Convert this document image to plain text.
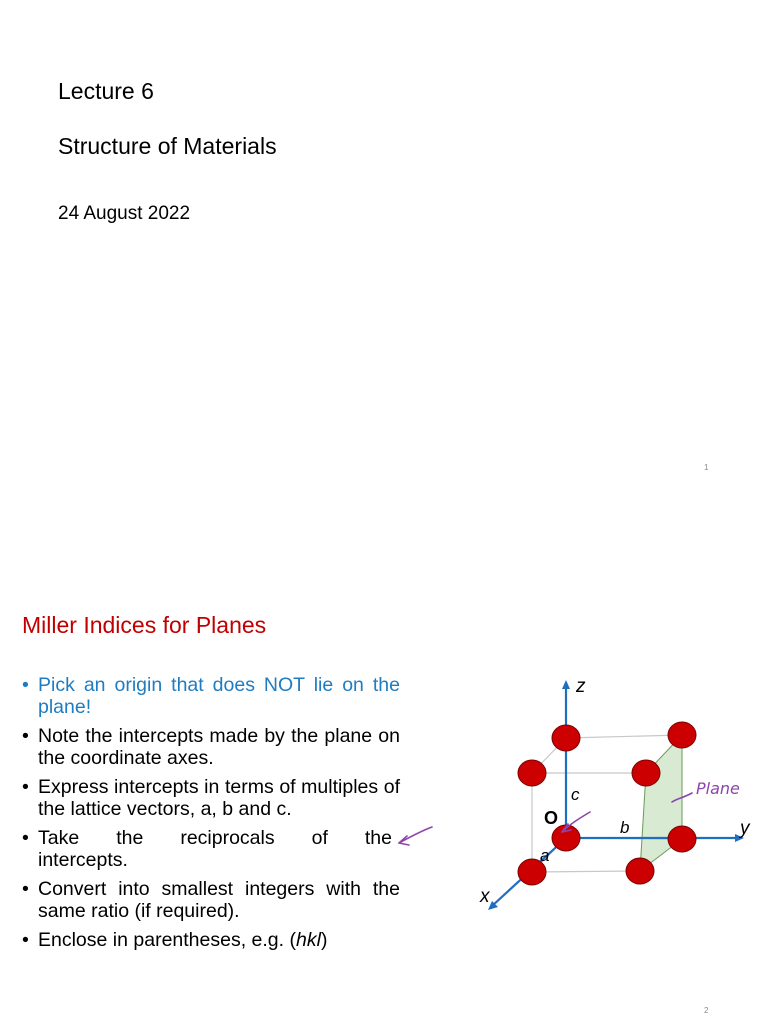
Lecture 6
Structure of Materials
24 August 2022
1
Miller Indices for Planes
• Pick an origin that does NOT lie on the plane!
• Note the intercepts made by the plane on the coordinate axes.
• Express intercepts in terms of multiples of the lattice vectors, a, b and c.
• Take the reciprocals of the
intercepts.
• Convert into smallest integers with the same ratio (if required).
• Enclose in parentheses, e.g. (hkl)
Plane
z
y
x
O
c
b
a
2
